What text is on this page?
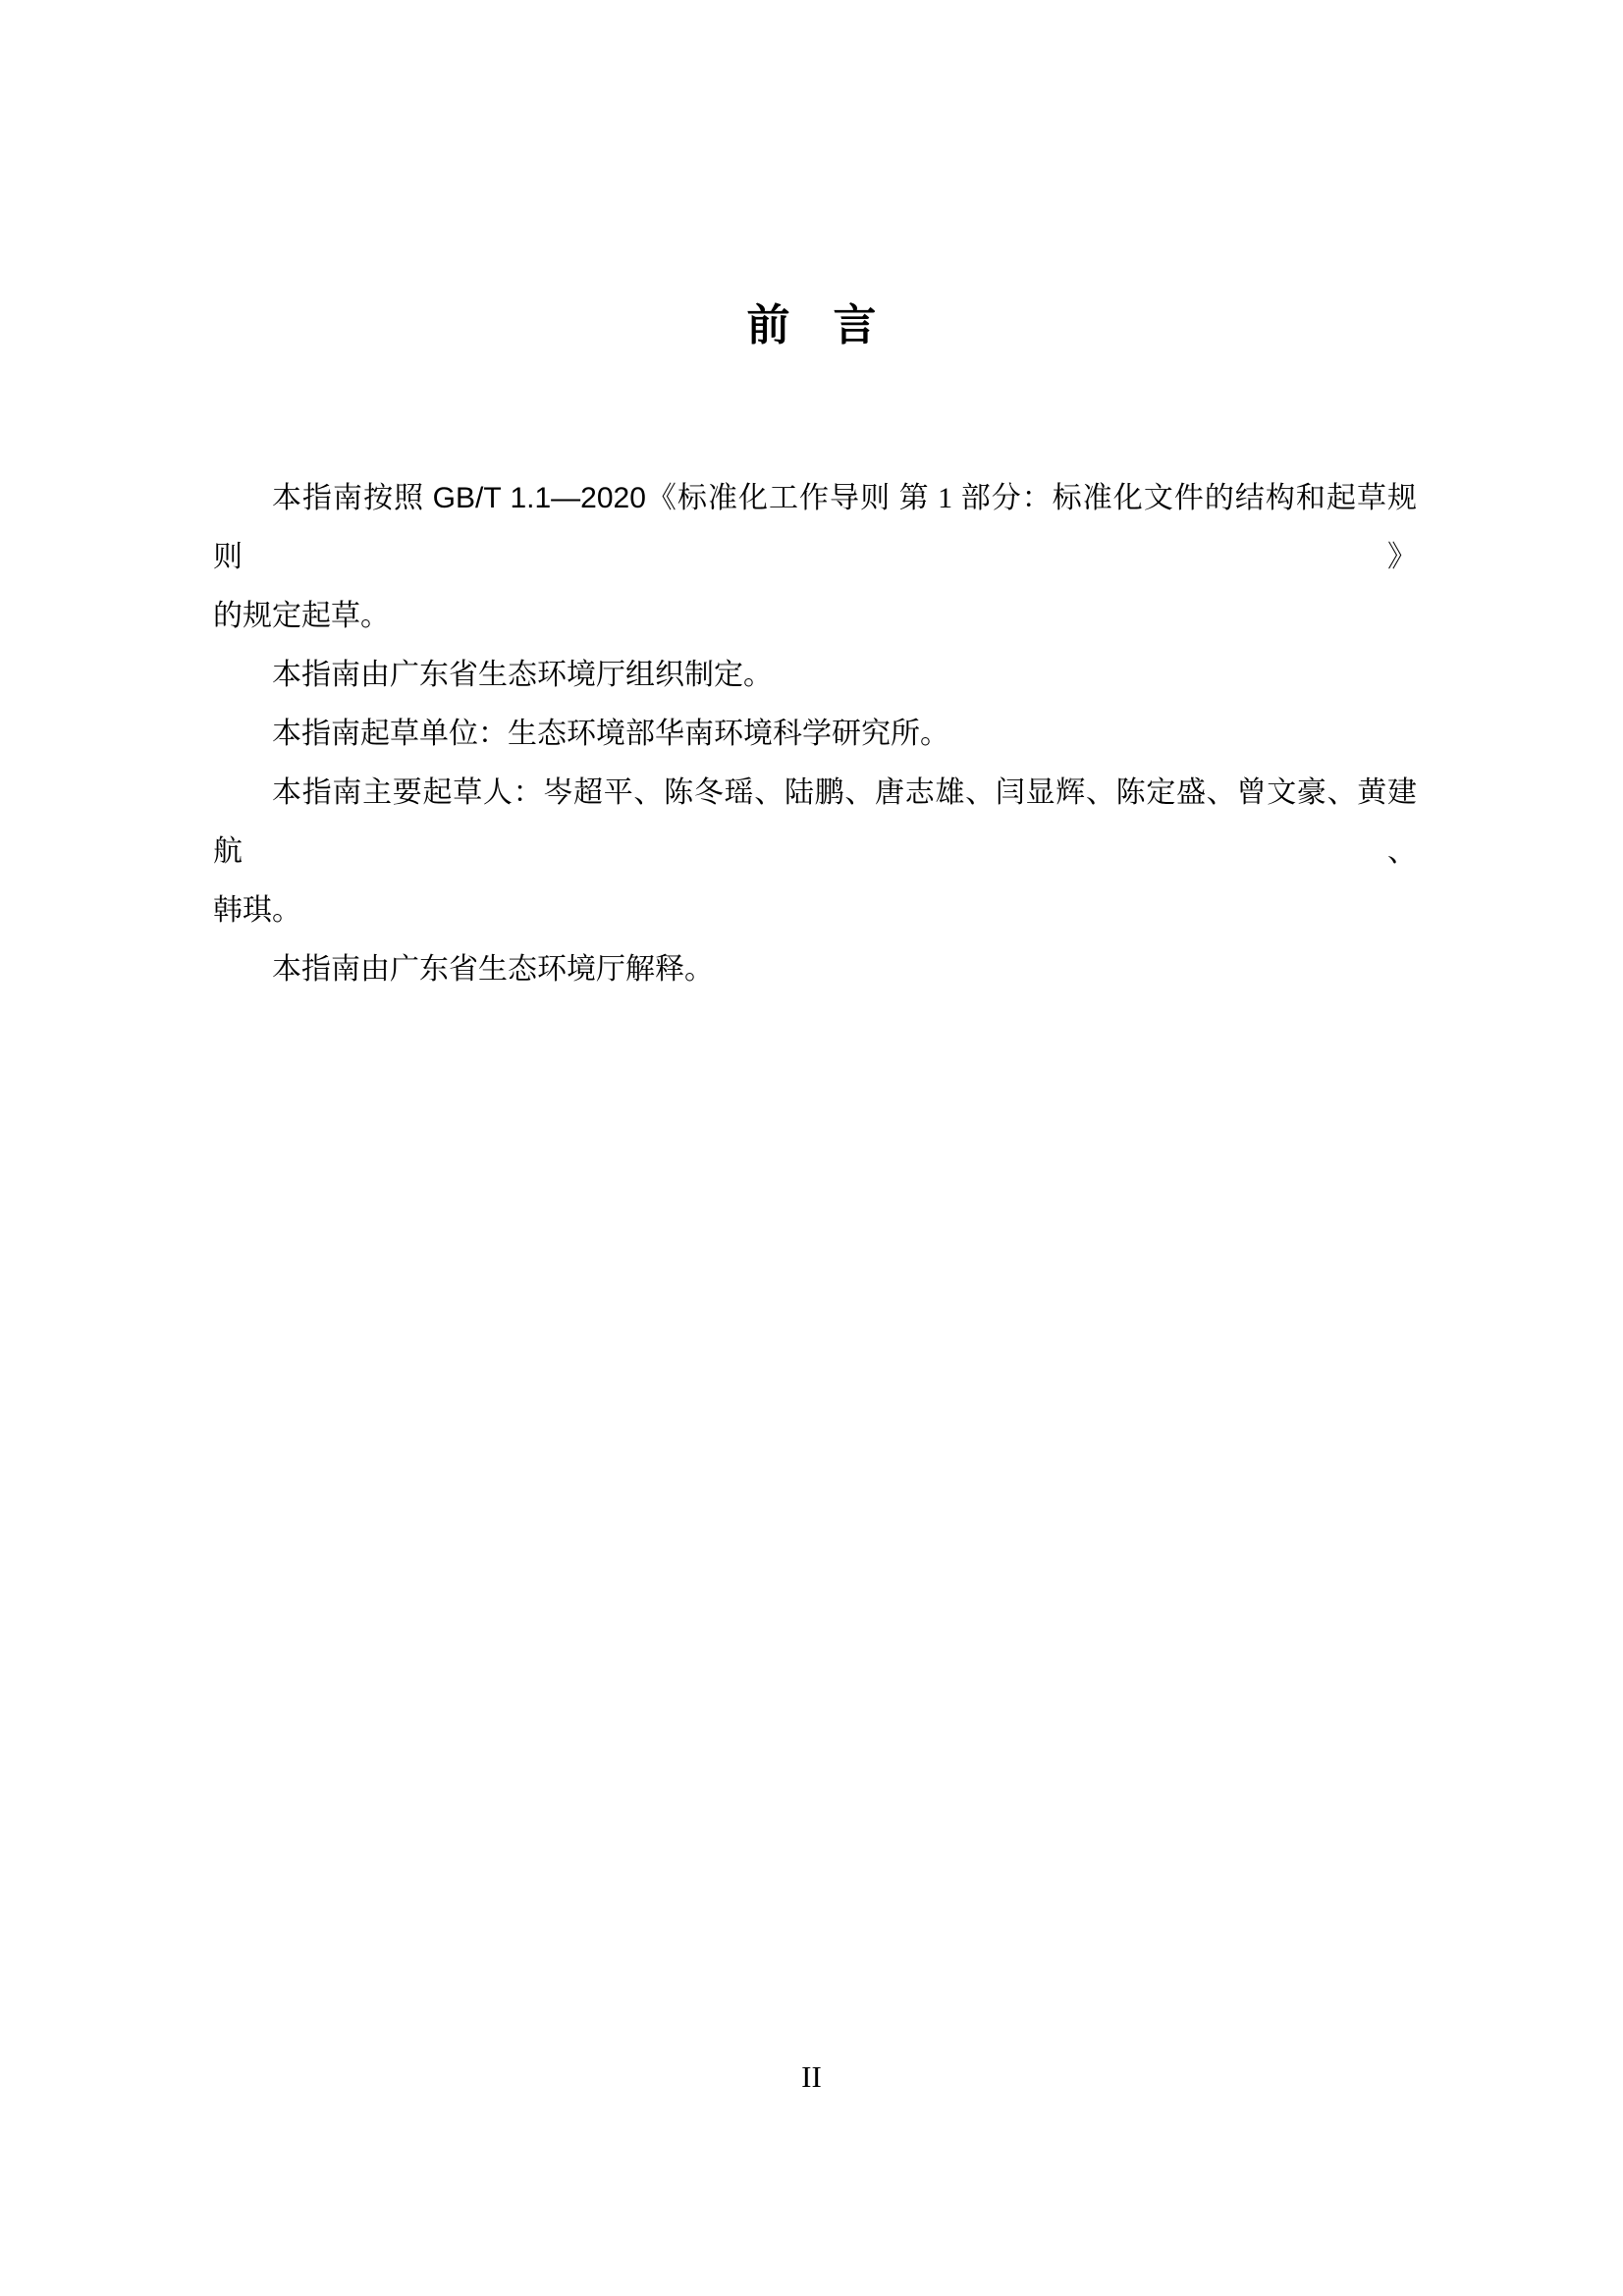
前　言
本指南按照 GB/T 1.1—2020《标准化工作导则 第 1 部分：标准化文件的结构和起草规则》
的规定起草。
本指南由广东省生态环境厅组织制定。
本指南起草单位：生态环境部华南环境科学研究所。
本指南主要起草人：岑超平、陈冬瑶、陆鹏、唐志雄、闫显辉、陈定盛、曾文豪、黄建航、
韩琪。
本指南由广东省生态环境厅解释。
II
